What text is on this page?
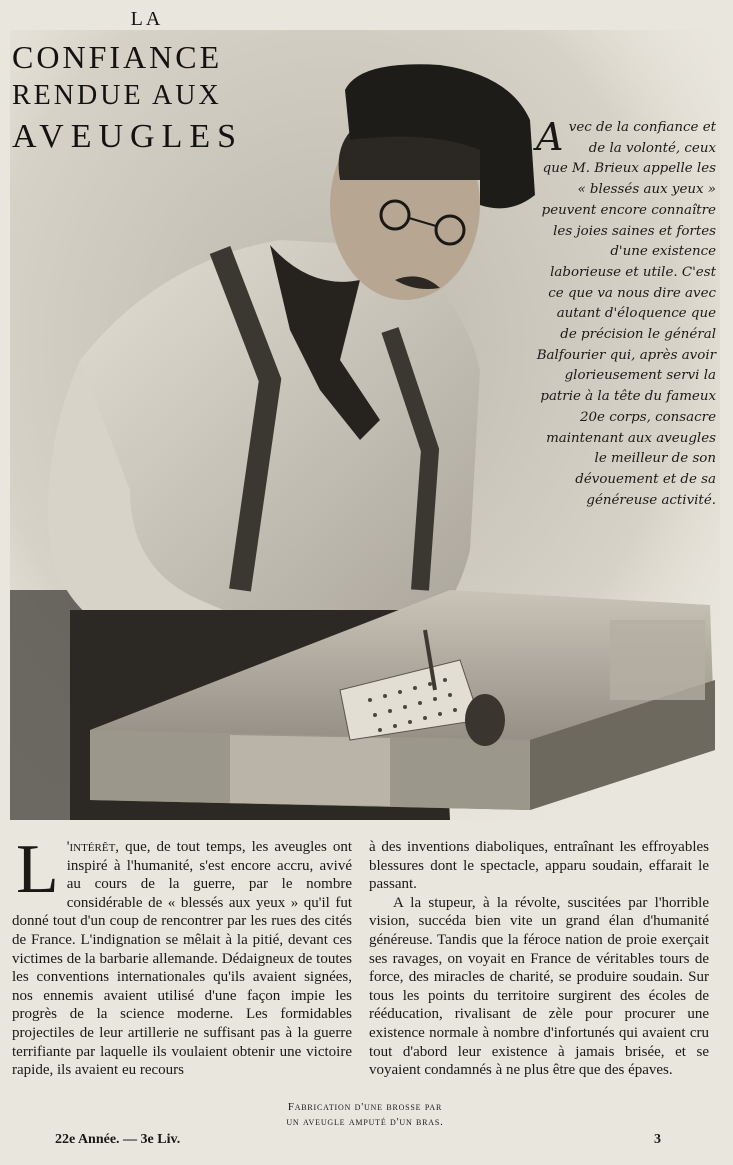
LA
CONFIANCE
RENDUE AUX
AVEUGLES	A vec de la confiance et de la volonté, ceux que M. Brieux appelle les « blessés aux yeux » peuvent encore connaître les joies saines et fortes d'une existence laborieuse et utile. C'est ce que va nous dire avec autant d'éloquence que de précision le général Balfourier qui, après avoir glorieusement servi la patrie à la tête du fameux 20e corps, consacre maintenant aux aveugles le meilleur de son dévouement et de sa généreuse activité.
L 'intérêt, que, de tout temps, les aveugles ont inspiré à l'humanité, s'est encore accru, avivé au cours de la guerre, par le nombre considérable de « blessés aux yeux » qu'il fut donné tout d'un coup de rencontrer par les rues des cités de France. L'indignation se mêlait à la pitié, devant ces victimes de la barbarie allemande. Dédaigneux de toutes les conventions internationales qu'ils avaient signées, nos ennemis avaient utilisé d'une façon impie les progrès de la science moderne. Les formidables projectiles de leur artillerie ne suffisant pas à la guerre terrifiante par laquelle ils voulaient obtenir une victoire rapide, ils avaient eu recours
à des inventions diaboliques, entraînant les effroyables blessures dont le spectacle, apparu soudain, effarait le passant.
A la stupeur, à la révolte, suscitées par l'horrible vision, succéda bien vite un grand élan d'humanité généreuse. Tandis que la féroce nation de proie exerçait ses ravages, on voyait en France de véritables tours de force, des miracles de charité, se produire soudain. Sur tous les points du territoire surgirent des écoles de rééducation, rivalisant de zèle pour procurer une existence normale à nombre d'infortunés qui avaient cru tout d'abord leur existence à jamais brisée, et se voyaient condamnés à ne plus être que des épaves.
Fabrication d'une brosse par
un aveugle amputé d'un bras.
22e Année. — 3e Liv.	3
